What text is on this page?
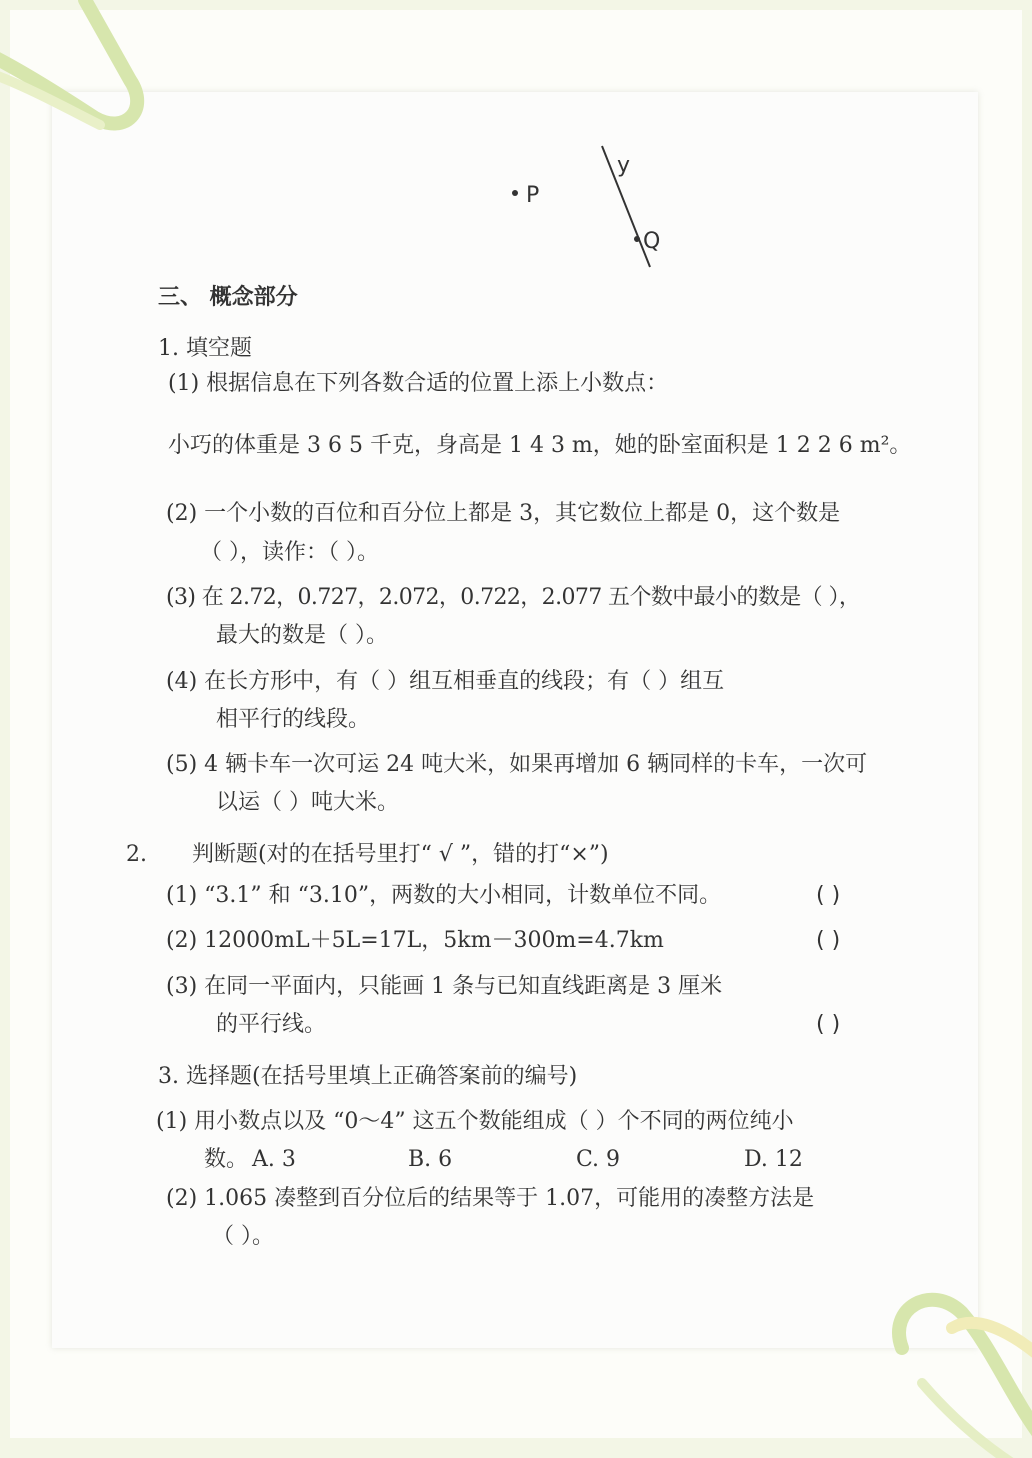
P
y
Q
三、 概念部分
1. 填空题
(1) 根据信息在下列各数合适的位置上添上小数点：
小巧的体重是 3 6 5 千克，身高是 1 4 3 m，她的卧室面积是 1 2 2 6 m²。
(2) 一个小数的百位和百分位上都是 3，其它数位上都是 0，这个数是
（ ），读作：（ ）。
(3) 在 2.72，0.727，2.072，0.722，2.077 五个数中最小的数是（ ），
最大的数是（ ）。
(4) 在长方形中，有（ ）组互相垂直的线段；有（ ）组互
相平行的线段。
(5) 4 辆卡车一次可运 24 吨大米，如果再增加 6 辆同样的卡车，一次可
以运（ ）吨大米。
2. 判断题(对的在括号里打“ √ ”，错的打“×”)
(1) “3.1” 和 “3.10”，两数的大小相同，计数单位不同。	( )
(2) 12000mL＋5L=17L，5km－300m=4.7km	( )
(3) 在同一平面内，只能画 1 条与已知直线距离是 3 厘米
的平行线。	( )
3. 选择题(在括号里填上正确答案前的编号)
(1) 用小数点以及 “0～4” 这五个数能组成（ ）个不同的两位纯小
数。 A. 3	B. 6	C. 9	D. 12
(2) 1.065 凑整到百分位后的结果等于 1.07，可能用的凑整方法是
（ ）。
